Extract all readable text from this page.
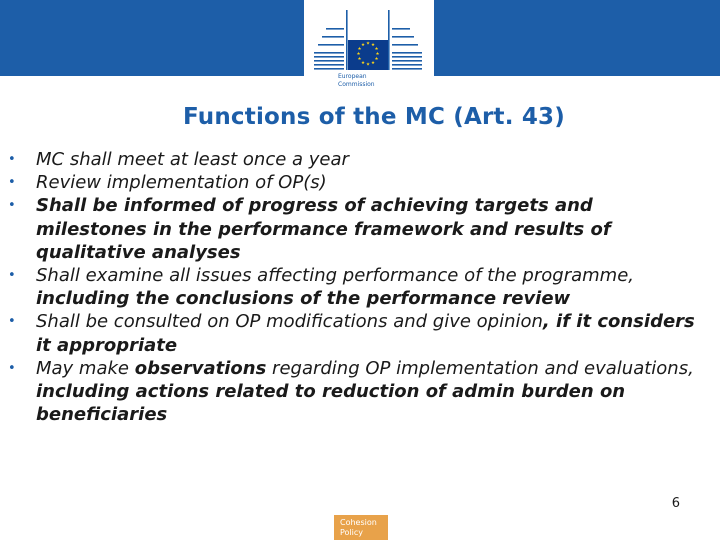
★ ★
★
★
★
★
★
★
★
★
★
★
European
Commission
Functions of the MC (Art. 43)
•	MC shall meet at least once a year
•	Review implementation of OP(s)
•	Shall be informed of progress of achieving targets and milestones in the performance framework and results of qualitative analyses
•	Shall examine all issues affecting performance of the programme, including the conclusions of the performance review
•	Shall be consulted on OP modifications and give opinion, if it considers it appropriate
•	May make observations regarding OP implementation and evaluations, including actions related to reduction of admin burden on beneficiaries
6
Cohesion
Policy
